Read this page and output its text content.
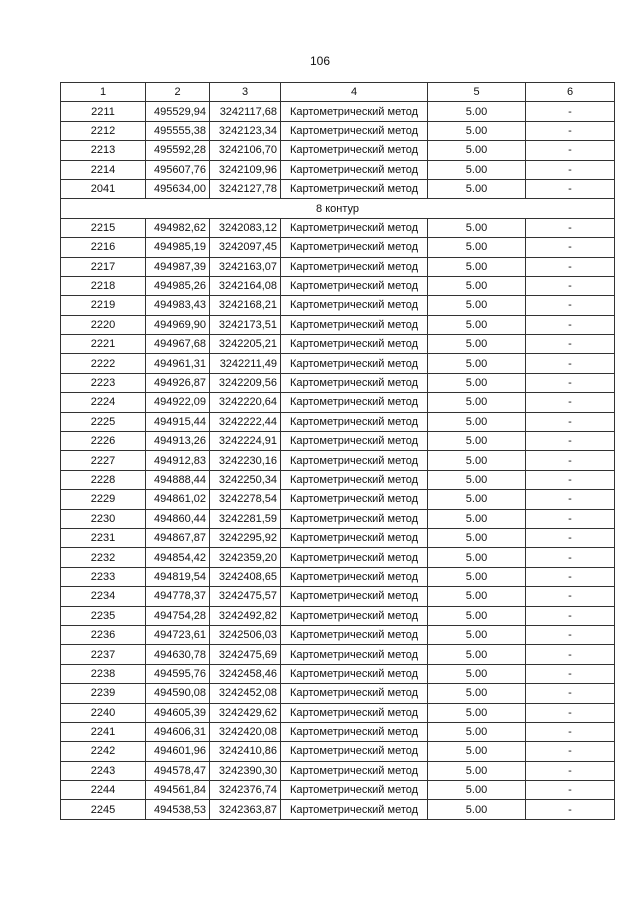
106
1	2	3	4	5	6
2211	495529,94	3242117,68	Картометрический метод	5.00	-
2212	495555,38	3242123,34	Картометрический метод	5.00	-
2213	495592,28	3242106,70	Картометрический метод	5.00	-
2214	495607,76	3242109,96	Картометрический метод	5.00	-
2041	495634,00	3242127,78	Картометрический метод	5.00	-
8 контур					
2215	494982,62	3242083,12	Картометрический метод	5.00	-
2216	494985,19	3242097,45	Картометрический метод	5.00	-
2217	494987,39	3242163,07	Картометрический метод	5.00	-
2218	494985,26	3242164,08	Картометрический метод	5.00	-
2219	494983,43	3242168,21	Картометрический метод	5.00	-
2220	494969,90	3242173,51	Картометрический метод	5.00	-
2221	494967,68	3242205,21	Картометрический метод	5.00	-
2222	494961,31	3242211,49	Картометрический метод	5.00	-
2223	494926,87	3242209,56	Картометрический метод	5.00	-
2224	494922,09	3242220,64	Картометрический метод	5.00	-
2225	494915,44	3242222,44	Картометрический метод	5.00	-
2226	494913,26	3242224,91	Картометрический метод	5.00	-
2227	494912,83	3242230,16	Картометрический метод	5.00	-
2228	494888,44	3242250,34	Картометрический метод	5.00	-
2229	494861,02	3242278,54	Картометрический метод	5.00	-
2230	494860,44	3242281,59	Картометрический метод	5.00	-
2231	494867,87	3242295,92	Картометрический метод	5.00	-
2232	494854,42	3242359,20	Картометрический метод	5.00	-
2233	494819,54	3242408,65	Картометрический метод	5.00	-
2234	494778,37	3242475,57	Картометрический метод	5.00	-
2235	494754,28	3242492,82	Картометрический метод	5.00	-
2236	494723,61	3242506,03	Картометрический метод	5.00	-
2237	494630,78	3242475,69	Картометрический метод	5.00	-
2238	494595,76	3242458,46	Картометрический метод	5.00	-
2239	494590,08	3242452,08	Картометрический метод	5.00	-
2240	494605,39	3242429,62	Картометрический метод	5.00	-
2241	494606,31	3242420,08	Картометрический метод	5.00	-
2242	494601,96	3242410,86	Картометрический метод	5.00	-
2243	494578,47	3242390,30	Картометрический метод	5.00	-
2244	494561,84	3242376,74	Картометрический метод	5.00	-
2245	494538,53	3242363,87	Картометрический метод	5.00	-
